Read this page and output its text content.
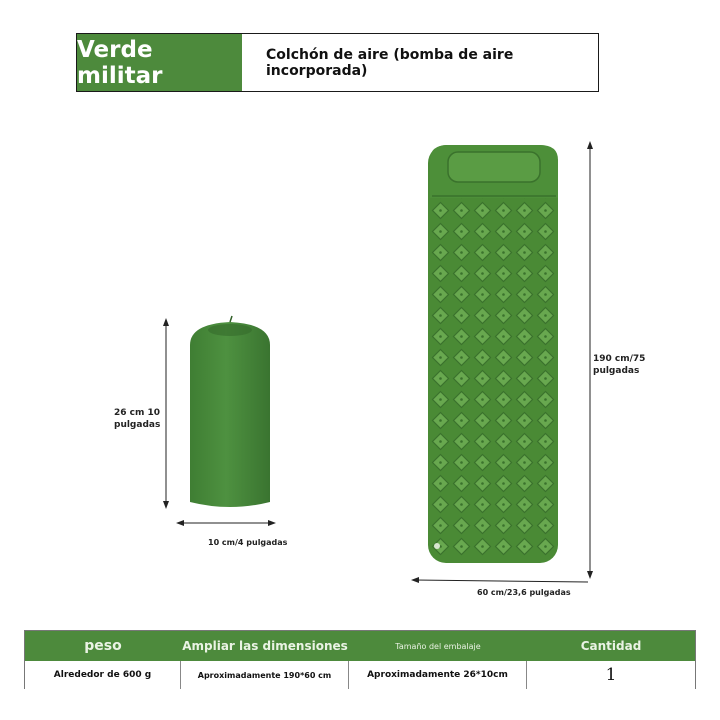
Verde militar
Colchón de aire (bomba de aire incorporada)
26 cm 10 pulgadas
10 cm/4 pulgadas
190 cm/75 pulgadas
60 cm/23,6 pulgadas
peso	Ampliar las dimensiones	Tamaño del embalaje	Cantidad
Alrededor de 600 g	Aproximadamente 190*60 cm	Aproximadamente 26*10cm	1
